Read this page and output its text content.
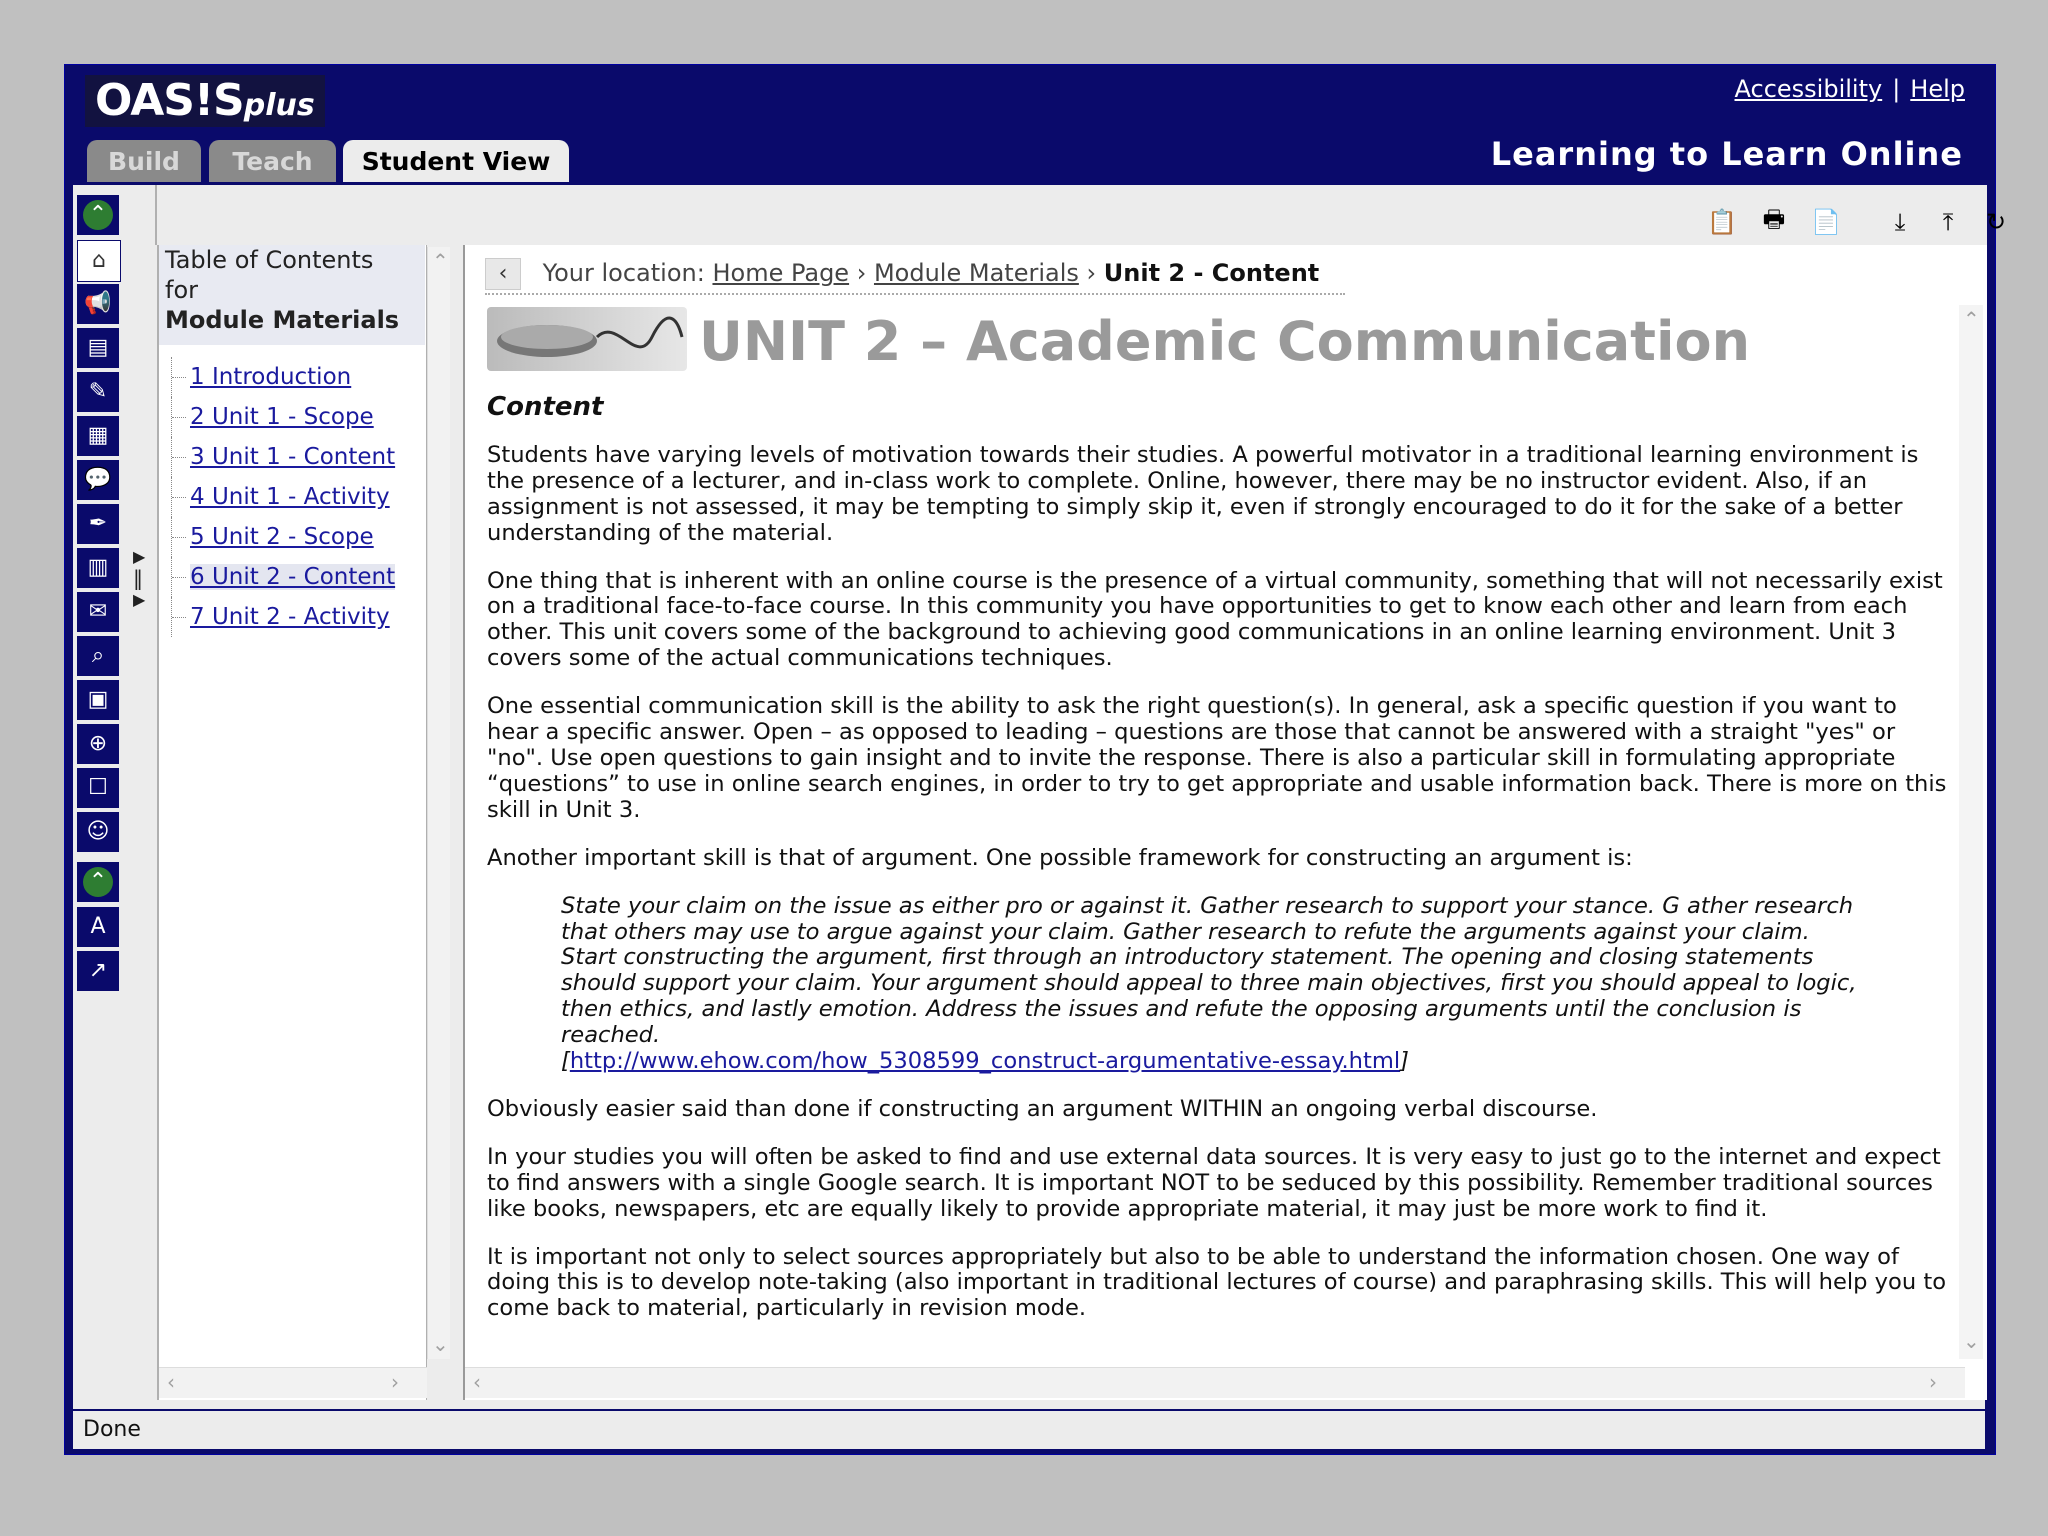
OAS!Splus
Build	Teach	Student View
Accessibility | Help
Learning to Learn Online
⌃
⌂
📢
▤
✎
▦
💬
✒
▥
✉
⌕
▣
⊕
☐
☺
⌃
A
↗
▶
‖
▶
📋 🖶 📄	⤓	⤒	↻
Table of Contents
for
Module Materials
1 Introduction
2 Unit 1 - Scope
3 Unit 1 - Content
4 Unit 1 - Activity
5 Unit 2 - Scope
6 Unit 2 - Content
7 Unit 2 - Activity
⌃
⌄
‹	›
‹ Your location: Home Page › Module Materials › Unit 2 - Content
UNIT 2 – Academic Communication
Content

Students have varying levels of motivation towards their studies. A powerful motivator in a traditional learning environment is the presence of a lecturer, and in-class work to complete. Online, however, there may be no instructor evident. Also, if an assignment is not assessed, it may be tempting to simply skip it, even if strongly encouraged to do it for the sake of a better understanding of the material.

One thing that is inherent with an online course is the presence of a virtual community, something that will not necessarily exist on a traditional face-to-face course. In this community you have opportunities to get to know each other and learn from each other. This unit covers some of the background to achieving good communications in an online learning environment. Unit 3 covers some of the actual communications techniques.

One essential communication skill is the ability to ask the right question(s). In general, ask a specific question if you want to hear a specific answer. Open – as opposed to leading – questions are those that cannot be answered with a straight "yes" or "no". Use open questions to gain insight and to invite the response. There is also a particular skill in formulating appropriate “questions” to use in online search engines, in order to try to get appropriate and usable information back. There is more on this skill in Unit 3.

Another important skill is that of argument. One possible framework for constructing an argument is:

State your claim on the issue as either pro or against it. Gather research to support your stance. G ather research that others may use to argue against your claim. Gather research to refute the arguments against your claim. Start constructing the argument, first through an introductory statement. The opening and closing statements should support your claim. Your argument should appeal to three main objectives, first you should appeal to logic, then ethics, and lastly emotion. Address the issues and refute the opposing arguments until the conclusion is reached.
[http://www.ehow.com/how_5308599_construct-argumentative-essay.html]

Obviously easier said than done if constructing an argument WITHIN an ongoing verbal discourse.

In your studies you will often be asked to find and use external data sources. It is very easy to just go to the internet and expect to find answers with a single Google search. It is important NOT to be seduced by this possibility. Remember traditional sources like books, newspapers, etc are equally likely to provide appropriate material, it may just be more work to find it.

It is important not only to select sources appropriately but also to be able to understand the information chosen. One way of doing this is to develop note-taking (also important in traditional lectures of course) and paraphrasing skills. This will help you to come back to material, particularly in revision mode.

⌃
⌄
‹	›
Done
